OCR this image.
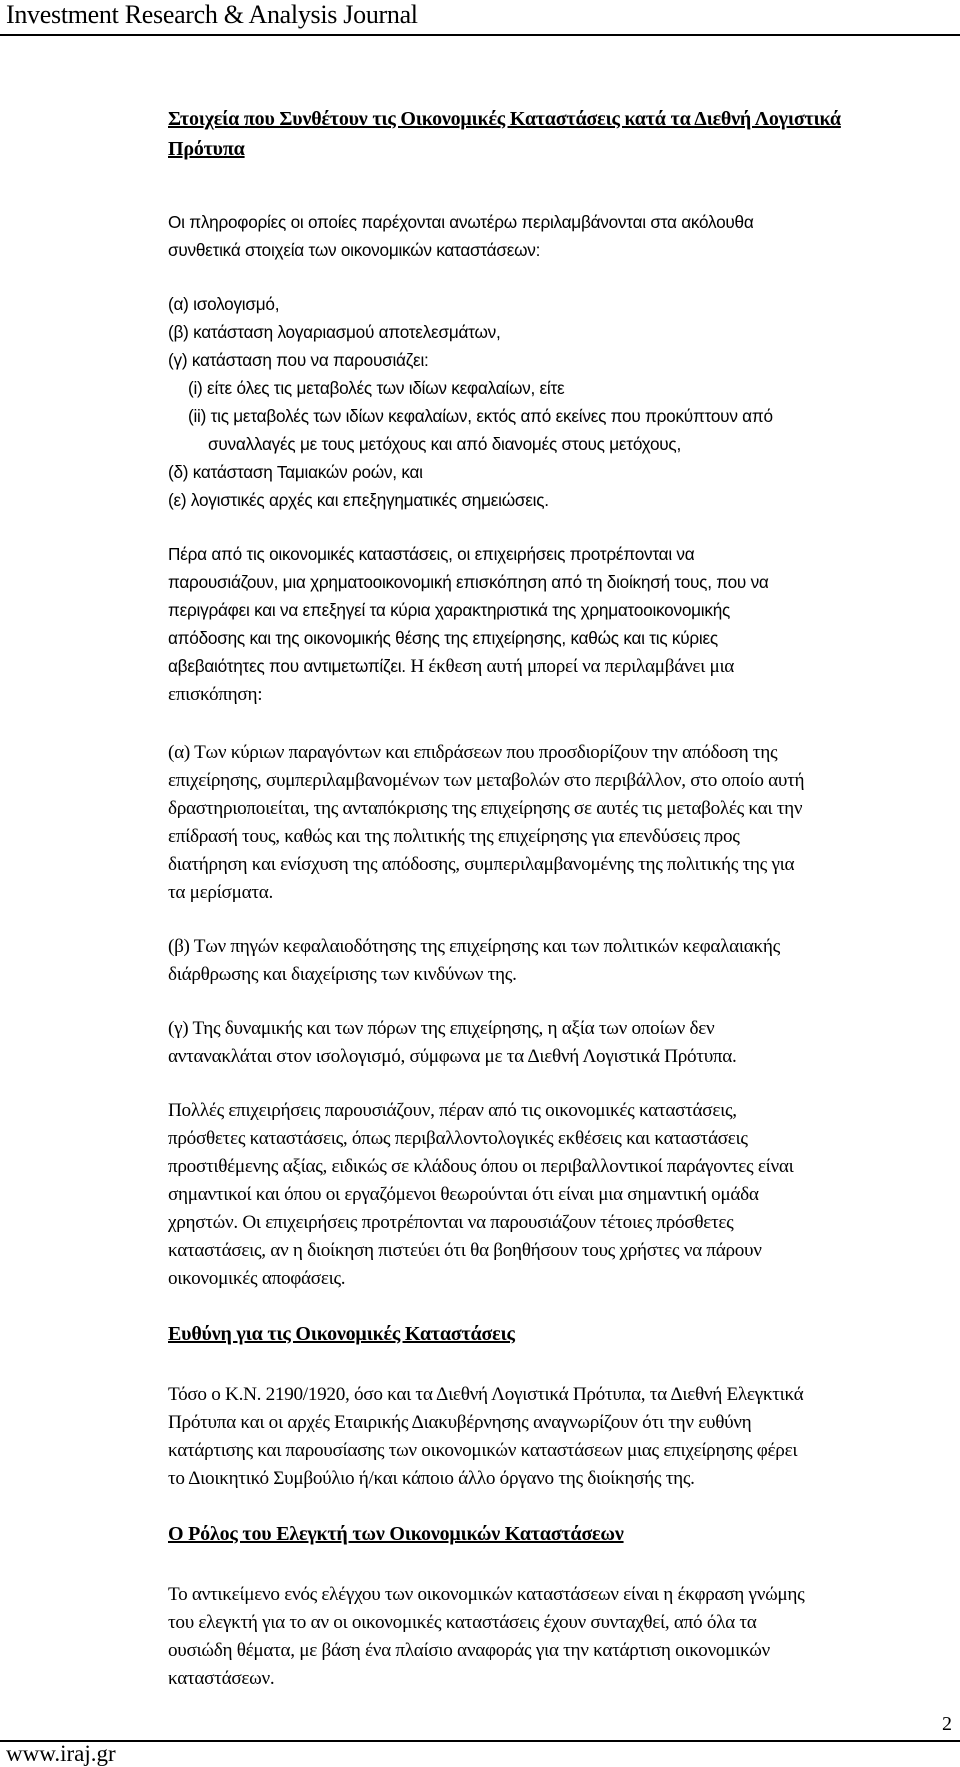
Investment Research & Analysis Journal
Στοιχεία που Συνθέτουν τις Οικονομικές Καταστάσεις κατά τα Διεθνή Λογιστικά
Πρότυπα
Οι πληροφορίες οι οποίες παρέχονται ανωτέρω περιλαμβάνονται στα ακόλουθα
συνθετικά στοιχεία των οικονομικών καταστάσεων:
(α) ισολογισμό,
(β) κατάσταση λογαριασμού αποτελεσμάτων,
(γ) κατάσταση που να παρουσιάζει:
(i) είτε όλες τις μεταβολές των ιδίων κεφαλαίων, είτε
(ii) τις μεταβολές των ιδίων κεφαλαίων, εκτός από εκείνες που προκύπτουν από
συναλλαγές με τους μετόχους και από διανομές στους μετόχους,
(δ) κατάσταση Ταμιακών ροών, και
(ε) λογιστικές αρχές και επεξηγηματικές σημειώσεις.
Πέρα από τις οικονομικές καταστάσεις, οι επιχειρήσεις προτρέπονται να
παρουσιάζουν, μια χρηματοοικονομική επισκόπηση από τη διοίκησή τους, που να
περιγράφει και να επεξηγεί τα κύρια χαρακτηριστικά της χρηματοοικονομικής
απόδοσης και της οικονομικής θέσης της επιχείρησης, καθώς και τις κύριες
αβεβαιότητες που αντιμετωπίζει. Η έκθεση αυτή μπορεί να περιλαμβάνει μια
επισκόπηση:
(α) Των κύριων παραγόντων και επιδράσεων που προσδιορίζουν την απόδοση της
επιχείρησης, συμπεριλαμβανομένων των μεταβολών στο περιβάλλον, στο οποίο αυτή
δραστηριοποιείται, της ανταπόκρισης της επιχείρησης σε αυτές τις μεταβολές και την
επίδρασή τους, καθώς και της πολιτικής της επιχείρησης για επενδύσεις προς
διατήρηση και ενίσχυση της απόδοσης, συμπεριλαμβανομένης της πολιτικής της για
τα μερίσματα.
(β) Των πηγών κεφαλαιοδότησης της επιχείρησης και των πολιτικών κεφαλαιακής
διάρθρωσης και διαχείρισης των κινδύνων της.
(γ) Της δυναμικής και των πόρων της επιχείρησης, η αξία των οποίων δεν
αντανακλάται στον ισολογισμό, σύμφωνα με τα Διεθνή Λογιστικά Πρότυπα.
Πολλές επιχειρήσεις παρουσιάζουν, πέραν από τις οικονομικές καταστάσεις,
πρόσθετες καταστάσεις, όπως περιβαλλοντολογικές εκθέσεις και καταστάσεις
προστιθέμενης αξίας, ειδικώς σε κλάδους όπου οι περιβαλλοντικοί παράγοντες είναι
σημαντικοί και όπου οι εργαζόμενοι θεωρούνται ότι είναι μια σημαντική ομάδα
χρηστών. Οι επιχειρήσεις προτρέπονται να παρουσιάζουν τέτοιες πρόσθετες
καταστάσεις, αν η διοίκηση πιστεύει ότι θα βοηθήσουν τους χρήστες να πάρουν
οικονομικές αποφάσεις.
Ευθύνη για τις Οικονομικές Καταστάσεις
Τόσο ο Κ.Ν. 2190/1920, όσο και τα Διεθνή Λογιστικά Πρότυπα, τα Διεθνή Ελεγκτικά
Πρότυπα και οι αρχές Εταιρικής Διακυβέρνησης αναγνωρίζουν ότι την ευθύνη
κατάρτισης και παρουσίασης των οικονομικών καταστάσεων μιας επιχείρησης φέρει
το Διοικητικό Συμβούλιο ή/και κάποιο άλλο όργανο της διοίκησής της.
Ο Ρόλος του Ελεγκτή των Οικονομικών Καταστάσεων
Το αντικείμενο ενός ελέγχου των οικονομικών καταστάσεων είναι η έκφραση γνώμης
του ελεγκτή για το αν οι οικονομικές καταστάσεις έχουν συνταχθεί, από όλα τα
ουσιώδη θέματα, με βάση ένα πλαίσιο αναφοράς για την κατάρτιση οικονομικών
καταστάσεων.
2
www.iraj.gr
